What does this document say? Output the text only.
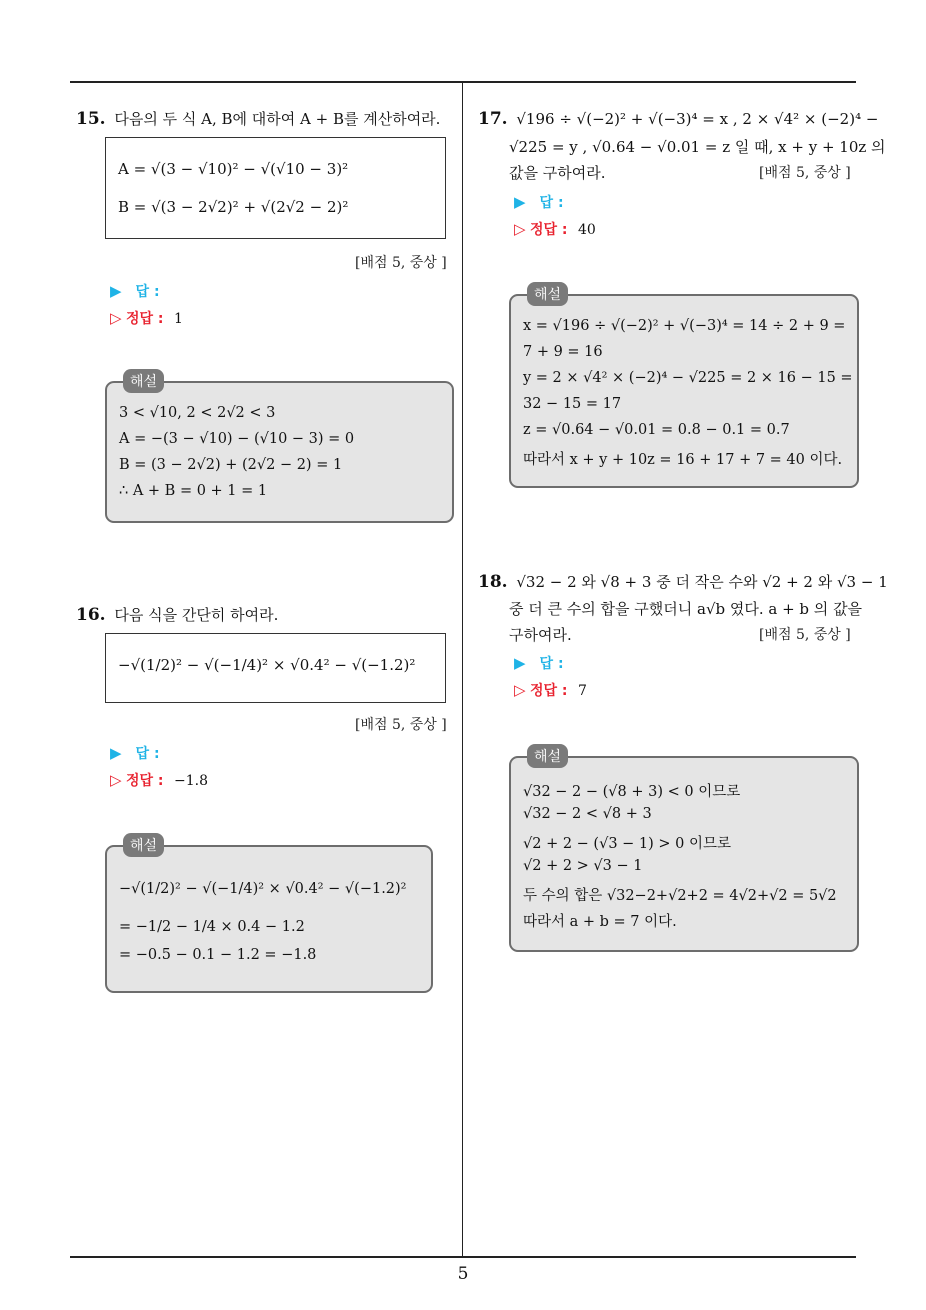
15. 다음의 두 식 A, B에 대하여 A + B를 계산하여라.
A = √(3 − √10)² − √(√10 − 3)²
B = √(3 − 2√2)² + √(2√2 − 2)²
[배점 5, 중상 ]
▶ 답 :
▷ 정답 : 1
해설
3 < √10, 2 < 2√2 < 3
A = −(3 − √10) − (√10 − 3) = 0
B = (3 − 2√2) + (2√2 − 2) = 1
∴ A + B = 0 + 1 = 1
16. 다음 식을 간단히 하여라.
−√(1/2)² − √(−1/4)² × √0.4² − √(−1.2)²
[배점 5, 중상 ]
▶ 답 :
▷ 정답 : −1.8
해설
−√(1/2)² − √(−1/4)² × √0.4² − √(−1.2)²
= −1/2 − 1/4 × 0.4 − 1.2
= −0.5 − 0.1 − 1.2 = −1.8
17. √196 ÷ √(−2)² + √(−3)⁴ = x , 2 × √4² × (−2)⁴ −
√225 = y , √0.64 − √0.01 = z 일 때, x + y + 10z 의
값을 구하여라.	[배점 5, 중상 ]
▶ 답 :
▷ 정답 : 40
해설
x = √196 ÷ √(−2)² + √(−3)⁴ = 14 ÷ 2 + 9 =
7 + 9 = 16
y = 2 × √4² × (−2)⁴ − √225 = 2 × 16 − 15 =
32 − 15 = 17
z = √0.64 − √0.01 = 0.8 − 0.1 = 0.7
따라서 x + y + 10z = 16 + 17 + 7 = 40 이다.
18. √32 − 2 와 √8 + 3 중 더 작은 수와 √2 + 2 와 √3 − 1
중 더 큰 수의 합을 구했더니 a√b 였다. a + b 의 값을
구하여라.	[배점 5, 중상 ]
▶ 답 :
▷ 정답 : 7
해설
√32 − 2 − (√8 + 3) < 0 이므로
√32 − 2 < √8 + 3
√2 + 2 − (√3 − 1) > 0 이므로
√2 + 2 > √3 − 1
두 수의 합은 √32−2+√2+2 = 4√2+√2 = 5√2
따라서 a + b = 7 이다.
5
